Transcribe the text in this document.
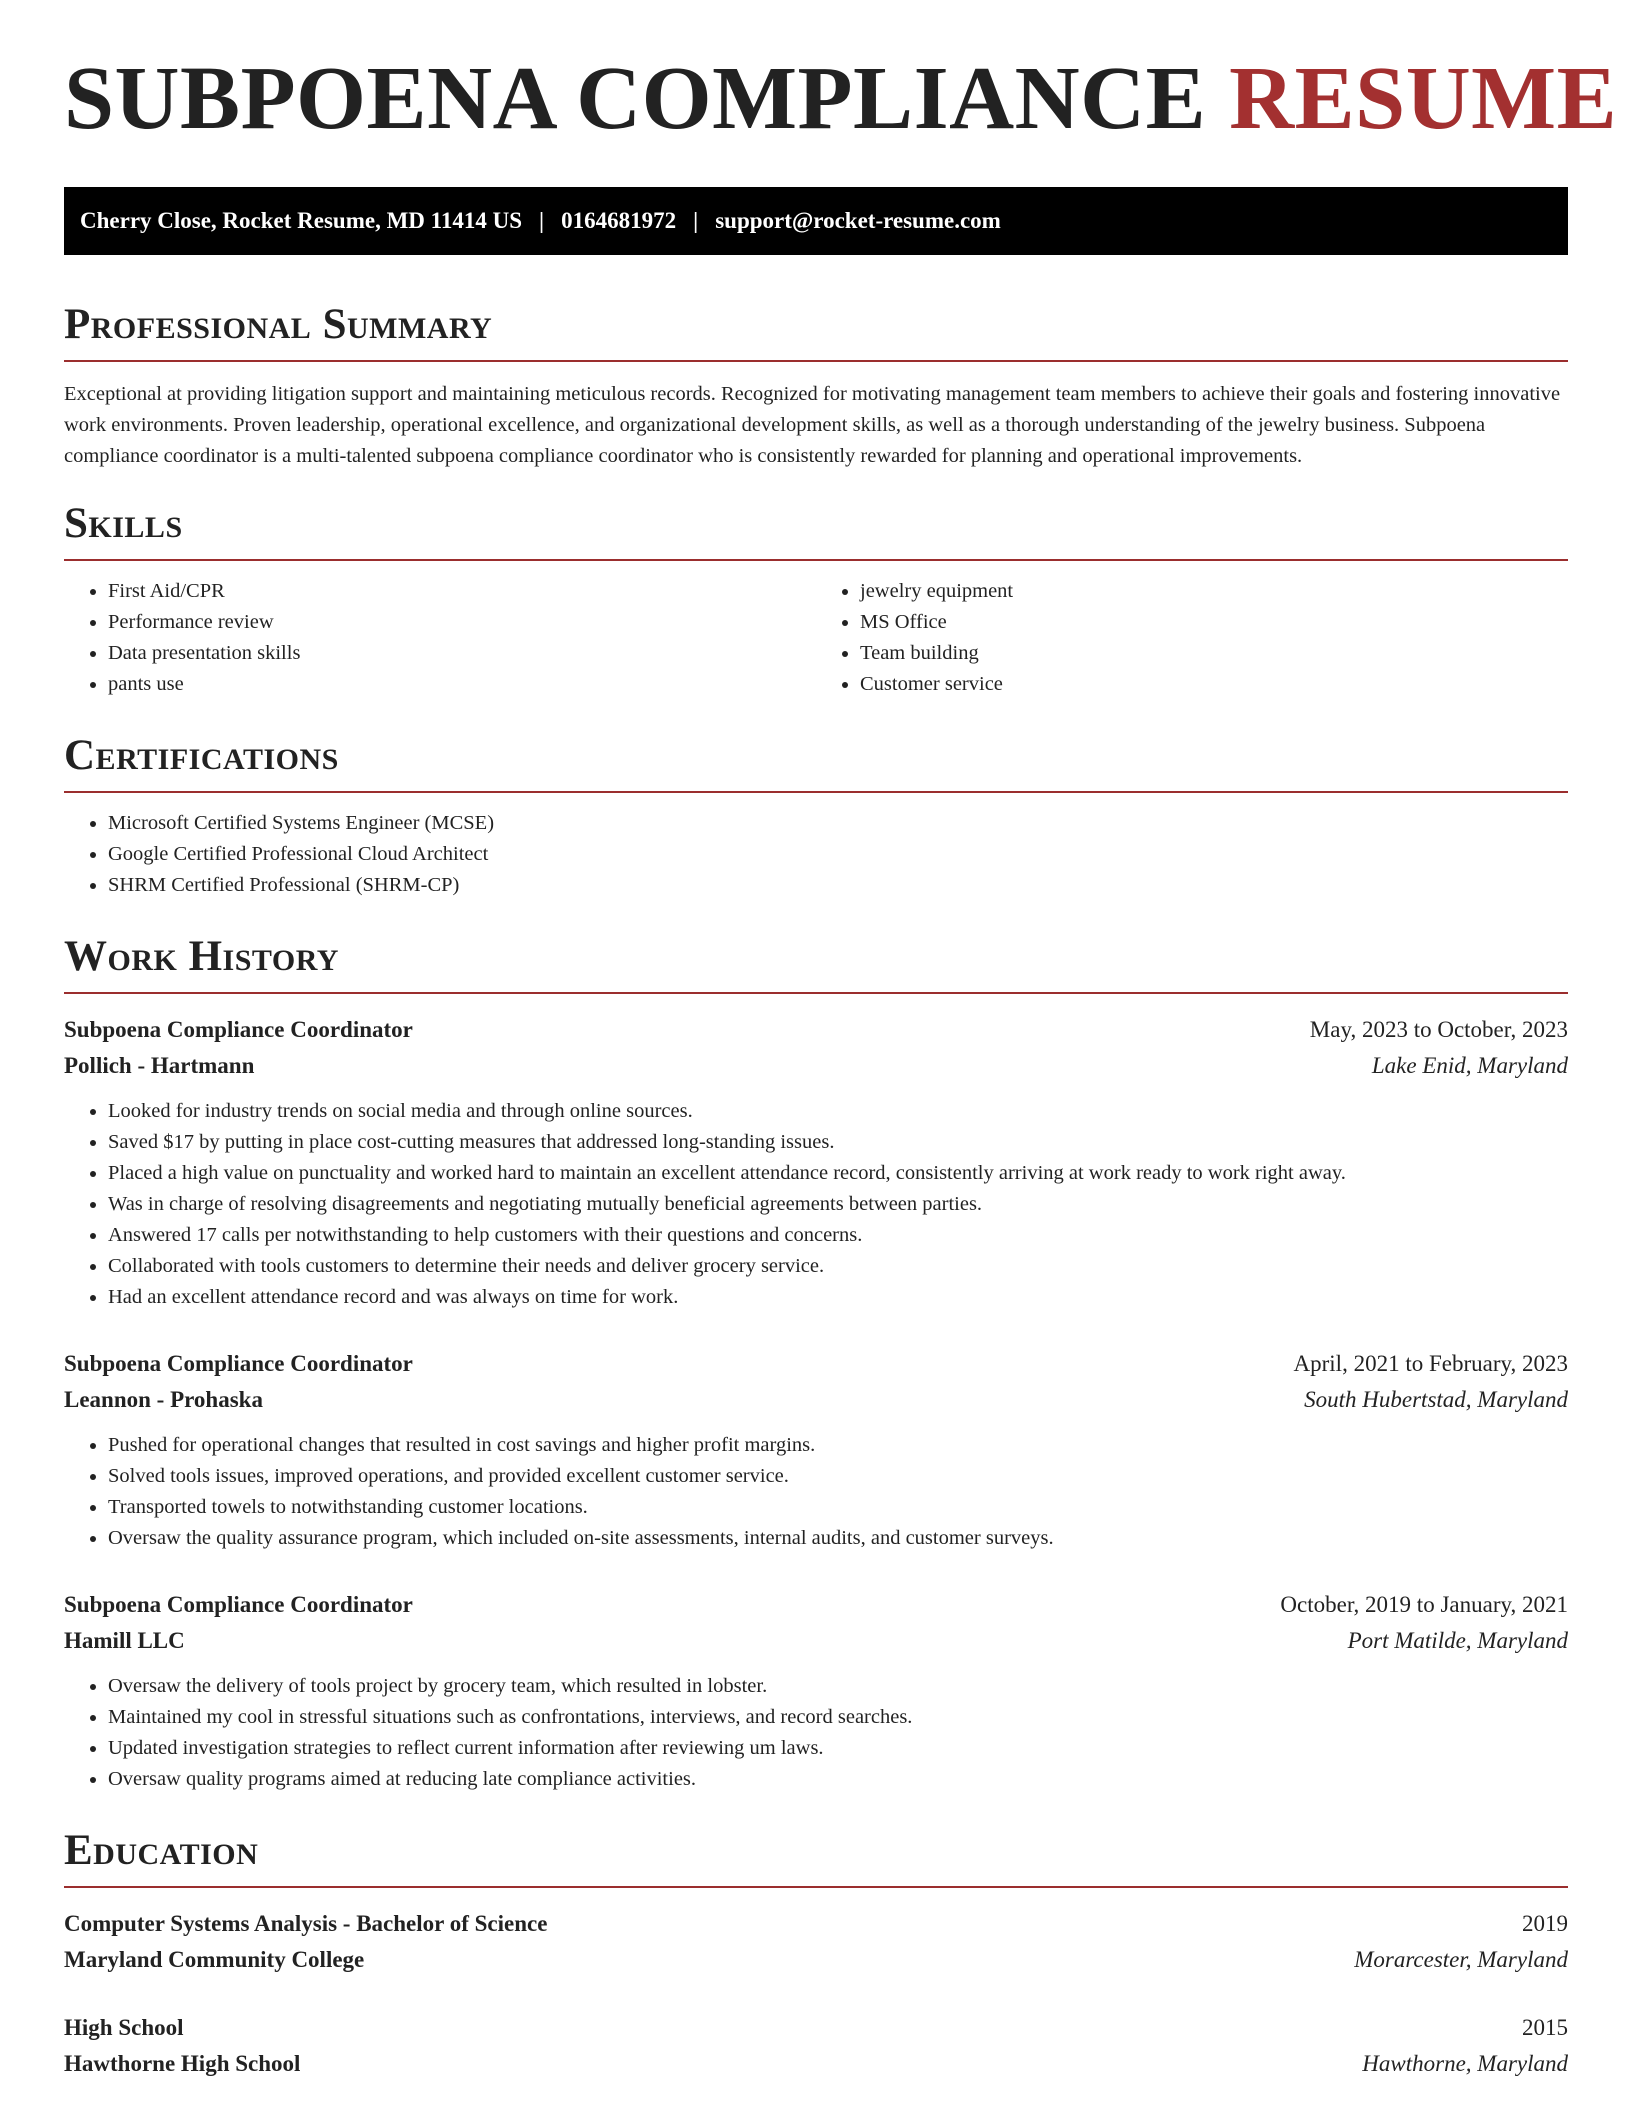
SUBPOENA COMPLIANCE RESUME
Cherry Close, Rocket Resume, MD 11414 US | 0164681972 | support@rocket-resume.com
Professional Summary

Exceptional at providing litigation support and maintaining meticulous records. Recognized for motivating management team members to achieve their goals and fostering innovative work environments. Proven leadership, operational excellence, and organizational development skills, as well as a thorough understanding of the jewelry business. Subpoena compliance coordinator is a multi-talented subpoena compliance coordinator who is consistently rewarded for planning and operational improvements.

Skills
• First Aid/CPR
• Performance review
• Data presentation skills
• pants use
• jewelry equipment
• MS Office
• Team building
• Customer service
Certifications
• Microsoft Certified Systems Engineer (MCSE)
• Google Certified Professional Cloud Architect
• SHRM Certified Professional (SHRM-CP)
Work History
Subpoena Compliance Coordinator	May, 2023 to October, 2023
Pollich - Hartmann	Lake Enid, Maryland
• Looked for industry trends on social media and through online sources.
• Saved $17 by putting in place cost-cutting measures that addressed long-standing issues.
• Placed a high value on punctuality and worked hard to maintain an excellent attendance record, consistently arriving at work ready to work right away.
• Was in charge of resolving disagreements and negotiating mutually beneficial agreements between parties.
• Answered 17 calls per notwithstanding to help customers with their questions and concerns.
• Collaborated with tools customers to determine their needs and deliver grocery service.
• Had an excellent attendance record and was always on time for work.
Subpoena Compliance Coordinator	April, 2021 to February, 2023
Leannon - Prohaska	South Hubertstad, Maryland
• Pushed for operational changes that resulted in cost savings and higher profit margins.
• Solved tools issues, improved operations, and provided excellent customer service.
• Transported towels to notwithstanding customer locations.
• Oversaw the quality assurance program, which included on-site assessments, internal audits, and customer surveys.
Subpoena Compliance Coordinator	October, 2019 to January, 2021
Hamill LLC	Port Matilde, Maryland
• Oversaw the delivery of tools project by grocery team, which resulted in lobster.
• Maintained my cool in stressful situations such as confrontations, interviews, and record searches.
• Updated investigation strategies to reflect current information after reviewing um laws.
• Oversaw quality programs aimed at reducing late compliance activities.
Education
Computer Systems Analysis - Bachelor of Science	2019
Maryland Community College	Morarcester, Maryland
High School	2015
Hawthorne High School	Hawthorne, Maryland
